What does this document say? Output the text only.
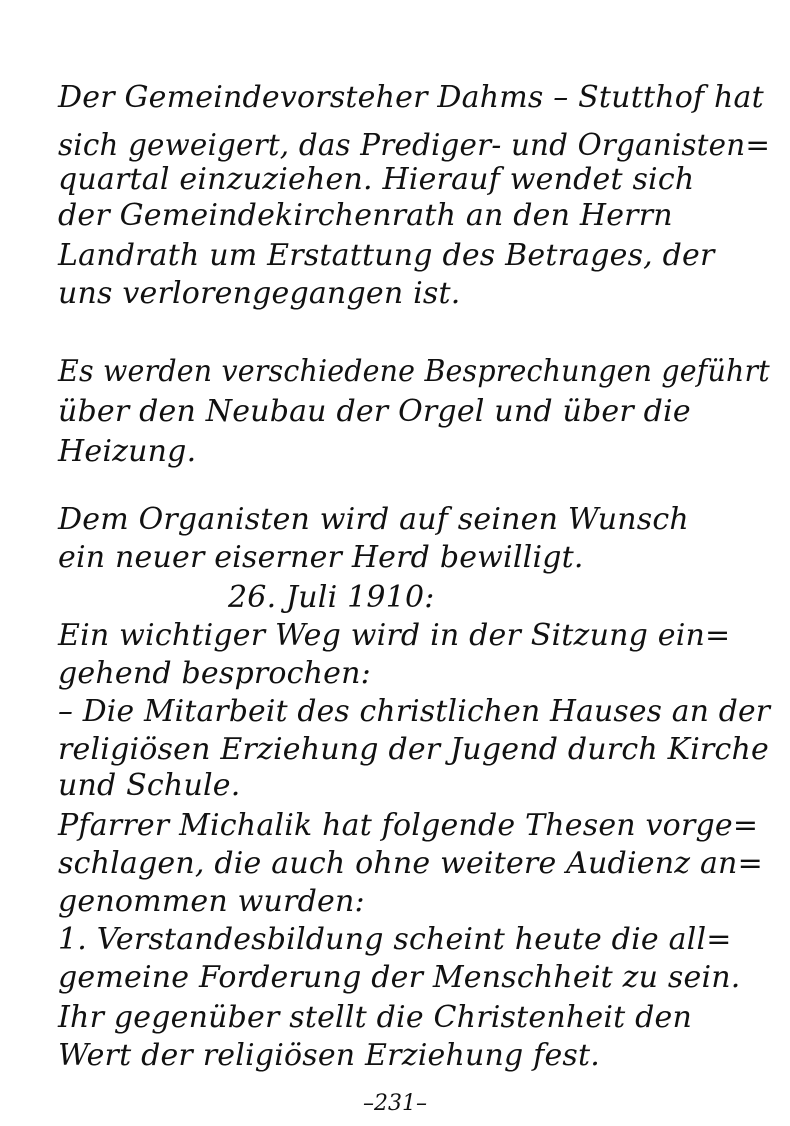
Der Gemeindevorsteher Dahms – Stutthof hat
sich geweigert, das Prediger- und Organisten=
quartal einzuziehen. Hierauf wendet sich
der Gemeindekirchenrath an den Herrn
Landrath um Erstattung des Betrages, der
uns verlorengegangen ist.
Es werden verschiedene Besprechungen geführt
über den Neubau der Orgel und über die
Heizung.
Dem Organisten wird auf seinen Wunsch
ein neuer eiserner Herd bewilligt.
26. Juli 1910:
Ein wichtiger Weg wird in der Sitzung ein=
gehend besprochen:
– Die Mitarbeit des christlichen Hauses an der
religiösen Erziehung der Jugend durch Kirche
und Schule.
Pfarrer Michalik hat folgende Thesen vorge=
schlagen, die auch ohne weitere Audienz an=
genommen wurden:
1. Verstandesbildung scheint heute die all=
gemeine Forderung der Menschheit zu sein.
Ihr gegenüber stellt die Christenheit den
Wert der religiösen Erziehung fest.
–231–
